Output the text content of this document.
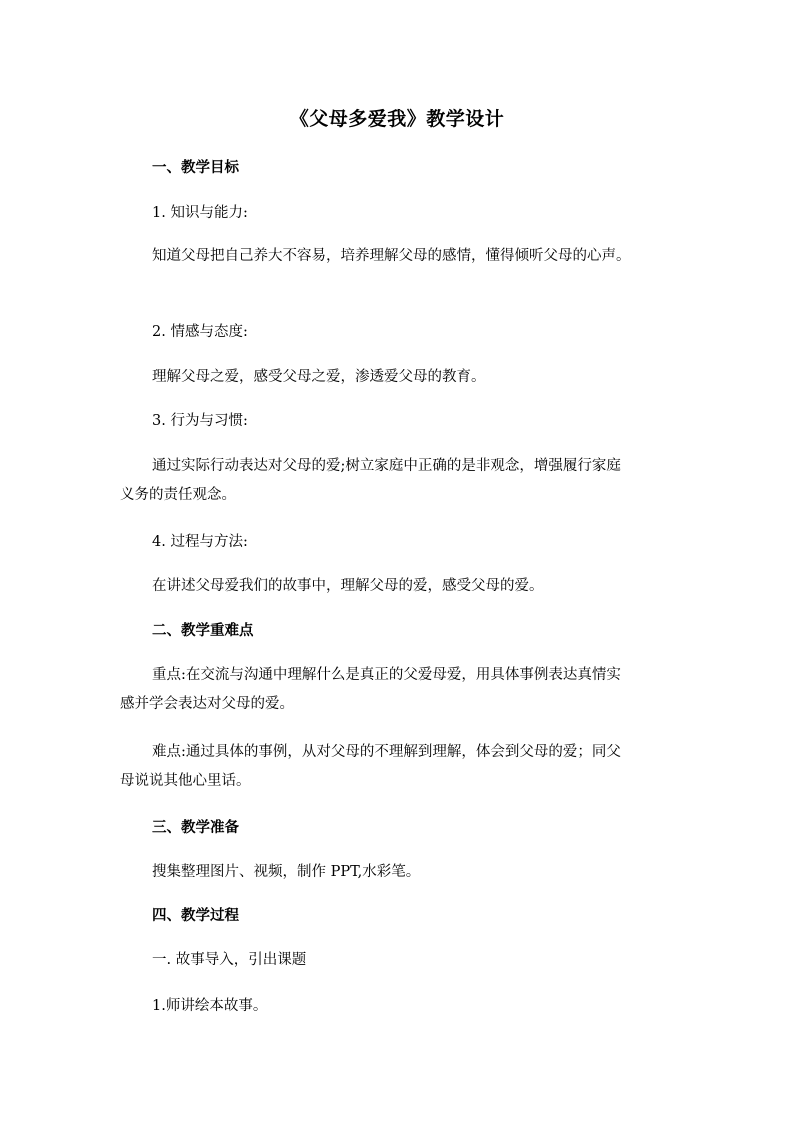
《父母多爱我》教学设计
一、教学目标
1. 知识与能力:
知道父母把自己养大不容易，培养理解父母的感情，懂得倾听父母的心声。
2. 情感与态度:
理解父母之爱，感受父母之爱，渗透爱父母的教育。
3. 行为与习惯:
通过实际行动表达对父母的爱;树立家庭中正确的是非观念，增强履行家庭
义务的责任观念。
4. 过程与方法:
在讲述父母爱我们的故事中，理解父母的爱，感受父母的爱。
二、教学重难点
重点:在交流与沟通中理解什么是真正的父爱母爱，用具体事例表达真情实
感并学会表达对父母的爱。
难点:通过具体的事例，从对父母的不理解到理解，体会到父母的爱；同父
母说说其他心里话。
三、教学准备
搜集整理图片、视频，制作 PPT,水彩笔。
四、教学过程
一. 故事导入，引出课题
1.师讲绘本故事。
